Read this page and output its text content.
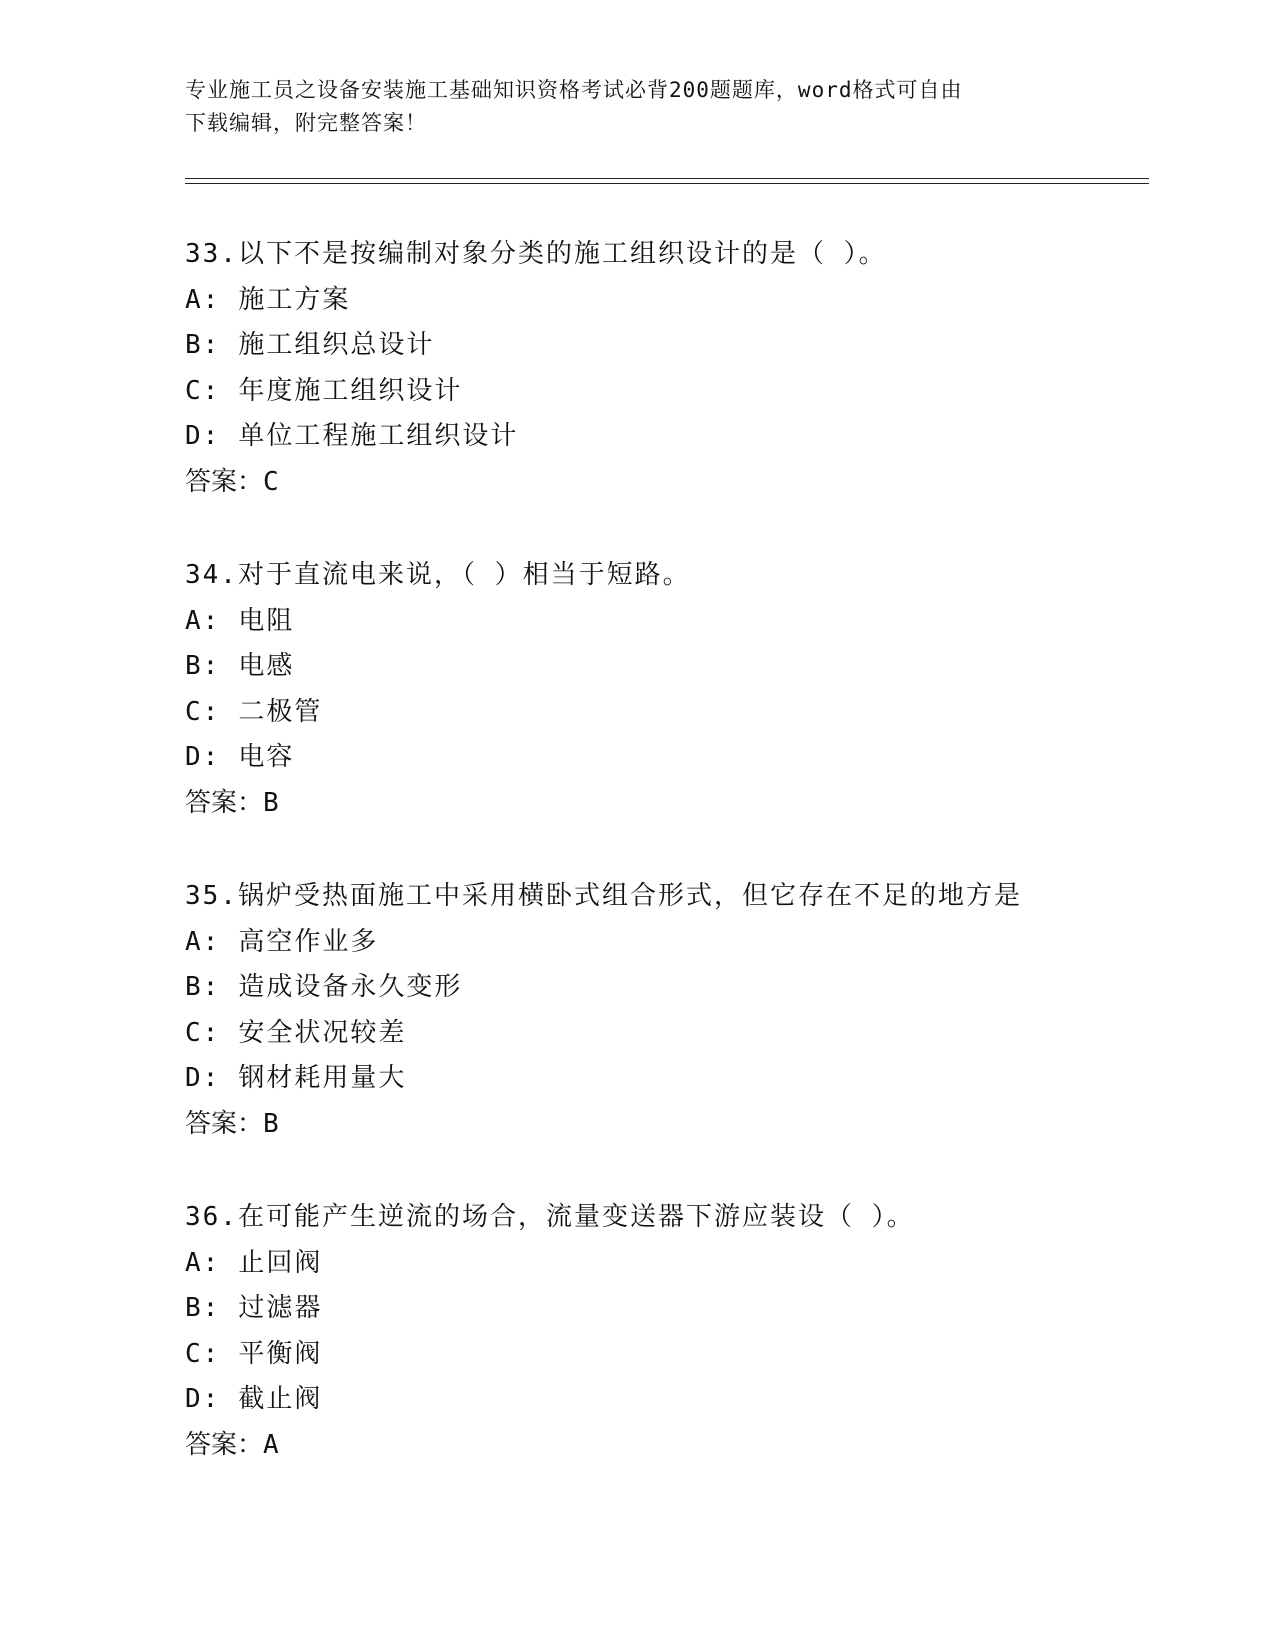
专业施工员之设备安装施工基础知识资格考试必背200题题库，word格式可自由
下载编辑，附完整答案！
33.以下不是按编制对象分类的施工组织设计的是（ ）。
A: 施工方案
B: 施工组织总设计
C: 年度施工组织设计
D: 单位工程施工组织设计
答案：C
34.对于直流电来说，（ ）相当于短路。
A: 电阻
B: 电感
C: 二极管
D: 电容
答案：B
35.锅炉受热面施工中采用横卧式组合形式，但它存在不足的地方是
A: 高空作业多
B: 造成设备永久变形
C: 安全状况较差
D: 钢材耗用量大
答案：B
36.在可能产生逆流的场合，流量变送器下游应装设（ ）。
A: 止回阀
B: 过滤器
C: 平衡阀
D: 截止阀
答案：A
